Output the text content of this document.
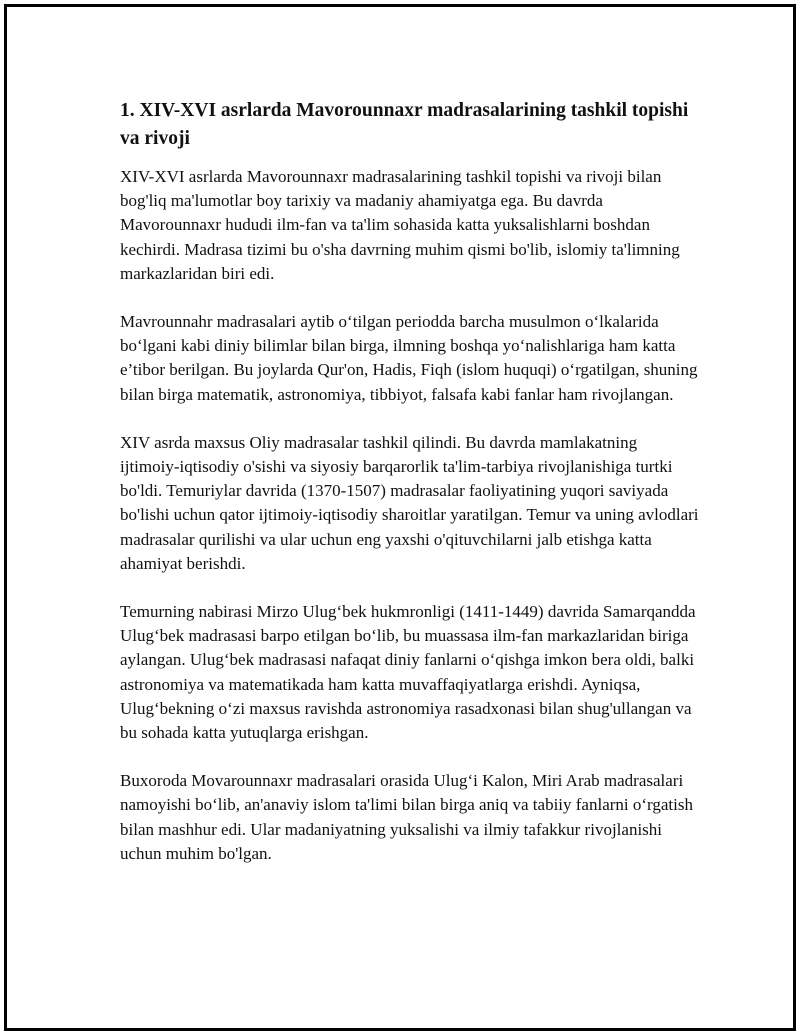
1. XIV-XVI asrlarda Mavorounnaxr madrasalarining tashkil topishi va rivoji

XIV-XVI asrlarda Mavorounnaxr madrasalarining tashkil topishi va rivoji bilan bog'liq ma'lumotlar boy tarixiy va madaniy ahamiyatga ega. Bu davrda Mavorounnaxr hududi ilm-fan va ta'lim sohasida katta yuksalishlarni boshdan kechirdi. Madrasa tizimi bu o'sha davrning muhim qismi bo'lib, islomiy ta'limning markazlaridan biri edi.

Mavrounnahr madrasalari aytib o‘tilgan periodda barcha musulmon o‘lkalarida bo‘lgani kabi diniy bilimlar bilan birga, ilmning boshqa yo‘nalishlariga ham katta e’tibor berilgan. Bu joylarda Qur'on, Hadis, Fiqh (islom huquqi) o‘rgatilgan, shuning bilan birga matematik, astronomiya, tibbiyot, falsafa kabi fanlar ham rivojlangan.

XIV asrda maxsus Oliy madrasalar tashkil qilindi. Bu davrda mamlakatning ijtimoiy-iqtisodiy o'sishi va siyosiy barqarorlik ta'lim-tarbiya rivojlanishiga turtki bo'ldi. Temuriylar davrida (1370-1507) madrasalar faoliyatining yuqori saviyada bo'lishi uchun qator ijtimoiy-iqtisodiy sharoitlar yaratilgan. Temur va uning avlodlari madrasalar qurilishi va ular uchun eng yaxshi o'qituvchilarni jalb etishga katta ahamiyat berishdi.

Temurning nabirasi Mirzo Ulug‘bek hukmronligi (1411-1449) davrida Samarqandda Ulug‘bek madrasasi barpo etilgan bo‘lib, bu muassasa ilm-fan markazlaridan biriga aylangan. Ulug‘bek madrasasi nafaqat diniy fanlarni o‘qishga imkon bera oldi, balki astronomiya va matematikada ham katta muvaffaqiyatlarga erishdi. Ayniqsa, Ulug‘bekning o‘zi maxsus ravishda astronomiya rasadxonasi bilan shug'ullangan va bu sohada katta yutuqlarga erishgan.

Buxoroda Movarounnaxr madrasalari orasida Ulug‘i Kalon, Miri Arab madrasalari namoyishi bo‘lib, an'anaviy islom ta'limi bilan birga aniq va tabiiy fanlarni o‘rgatish bilan mashhur edi. Ular madaniyatning yuksalishi va ilmiy tafakkur rivojlanishi uchun muhim bo'lgan.
